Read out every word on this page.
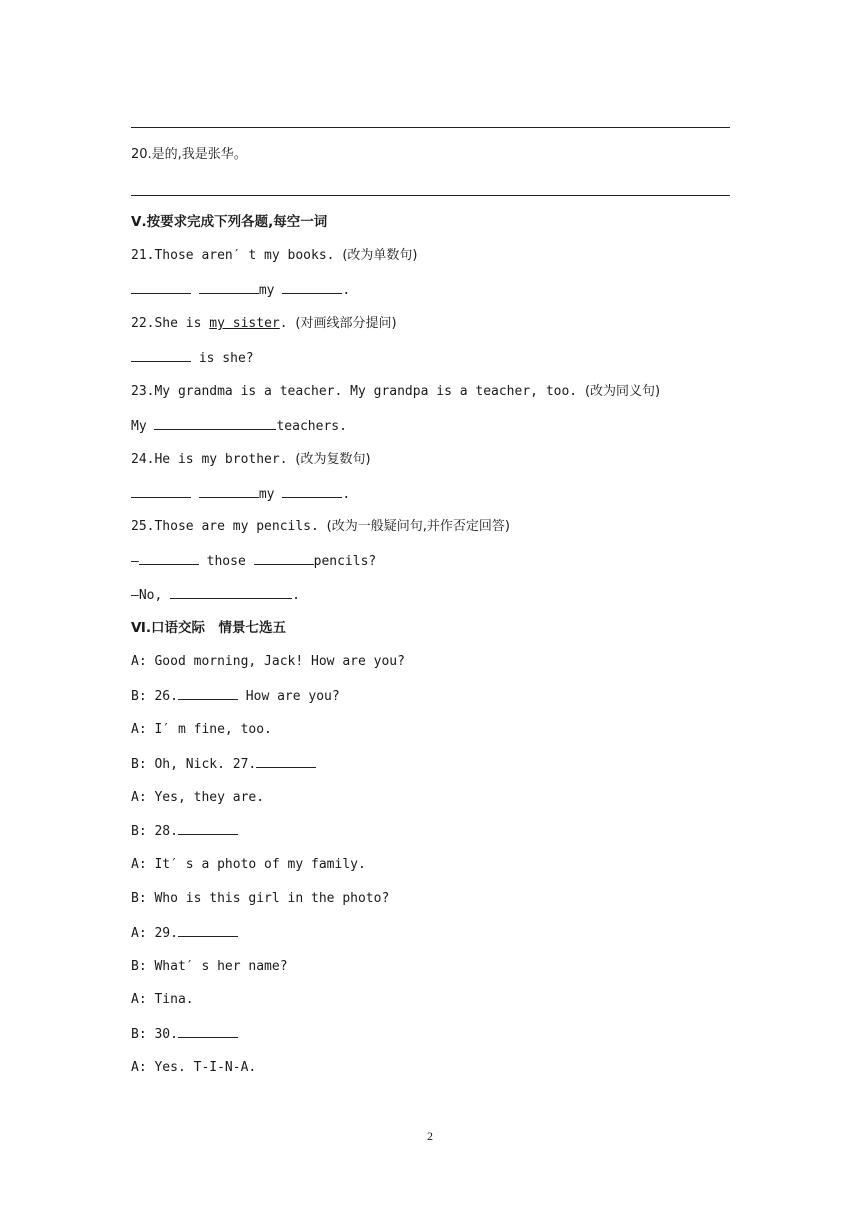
20.是的,我是张华。
Ⅴ.按要求完成下列各题,每空一词
21.Those aren′ t my books. (改为单数句)
my	.
22.She is my sister. (对画线部分提问)
is she?
23.My grandma is a teacher. My grandpa is a teacher, too. (改为同义句)
My	teachers.
24.He is my brother. (改为复数句)
my	.
25.Those are my pencils. (改为一般疑问句,并作否定回答)
—	those	pencils?
—No,	.
Ⅵ.口语交际　情景七选五
A: Good morning, Jack! How are you?
B: 26.	How are you?
A: I′ m fine, too.
B: Oh, Nick. 27.
A: Yes, they are.
B: 28.
A: It′ s a photo of my family.
B: Who is this girl in the photo?
A: 29.
B: What′ s her name?
A: Tina.
B: 30.
A: Yes. T-I-N-A.
2
